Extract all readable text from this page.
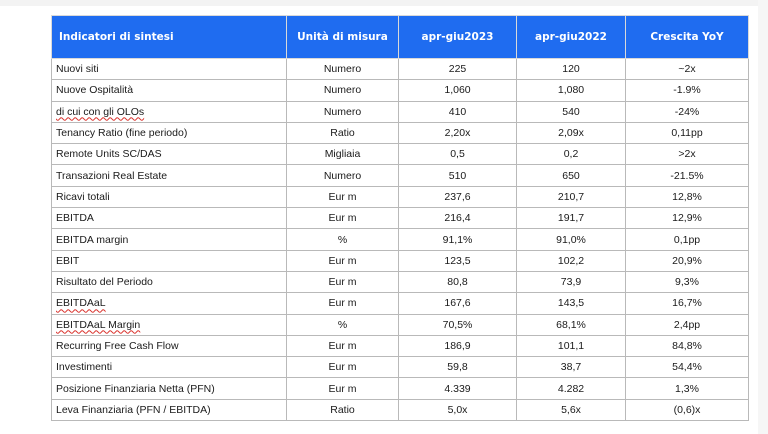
Indicatori di sintesi	Unità di misura	apr-giu2023	apr-giu2022	Crescita YoY
Nuovi siti	Numero	225	120	~2x
Nuove Ospitalità	Numero	1,060	1,080	-1.9%
di cui con gli OLOs	Numero	410	540	-24%
Tenancy Ratio (fine periodo)	Ratio	2,20x	2,09x	0,11pp
Remote Units SC/DAS	Migliaia	0,5	0,2	>2x
Transazioni Real Estate	Numero	510	650	-21.5%
Ricavi totali	Eur m	237,6	210,7	12,8%
EBITDA	Eur m	216,4	191,7	12,9%
EBITDA margin	%	91,1%	91,0%	0,1pp
EBIT	Eur m	123,5	102,2	20,9%
Risultato del Periodo	Eur m	80,8	73,9	9,3%
EBITDAaL	Eur m	167,6	143,5	16,7%
EBITDAaL Margin	%	70,5%	68,1%	2,4pp
Recurring Free Cash Flow	Eur m	186,9	101,1	84,8%
Investimenti	Eur m	59,8	38,7	54,4%
Posizione Finanziaria Netta (PFN)	Eur m	4.339	4.282	1,3%
Leva Finanziaria (PFN / EBITDA)	Ratio	5,0x	5,6x	(0,6)x
